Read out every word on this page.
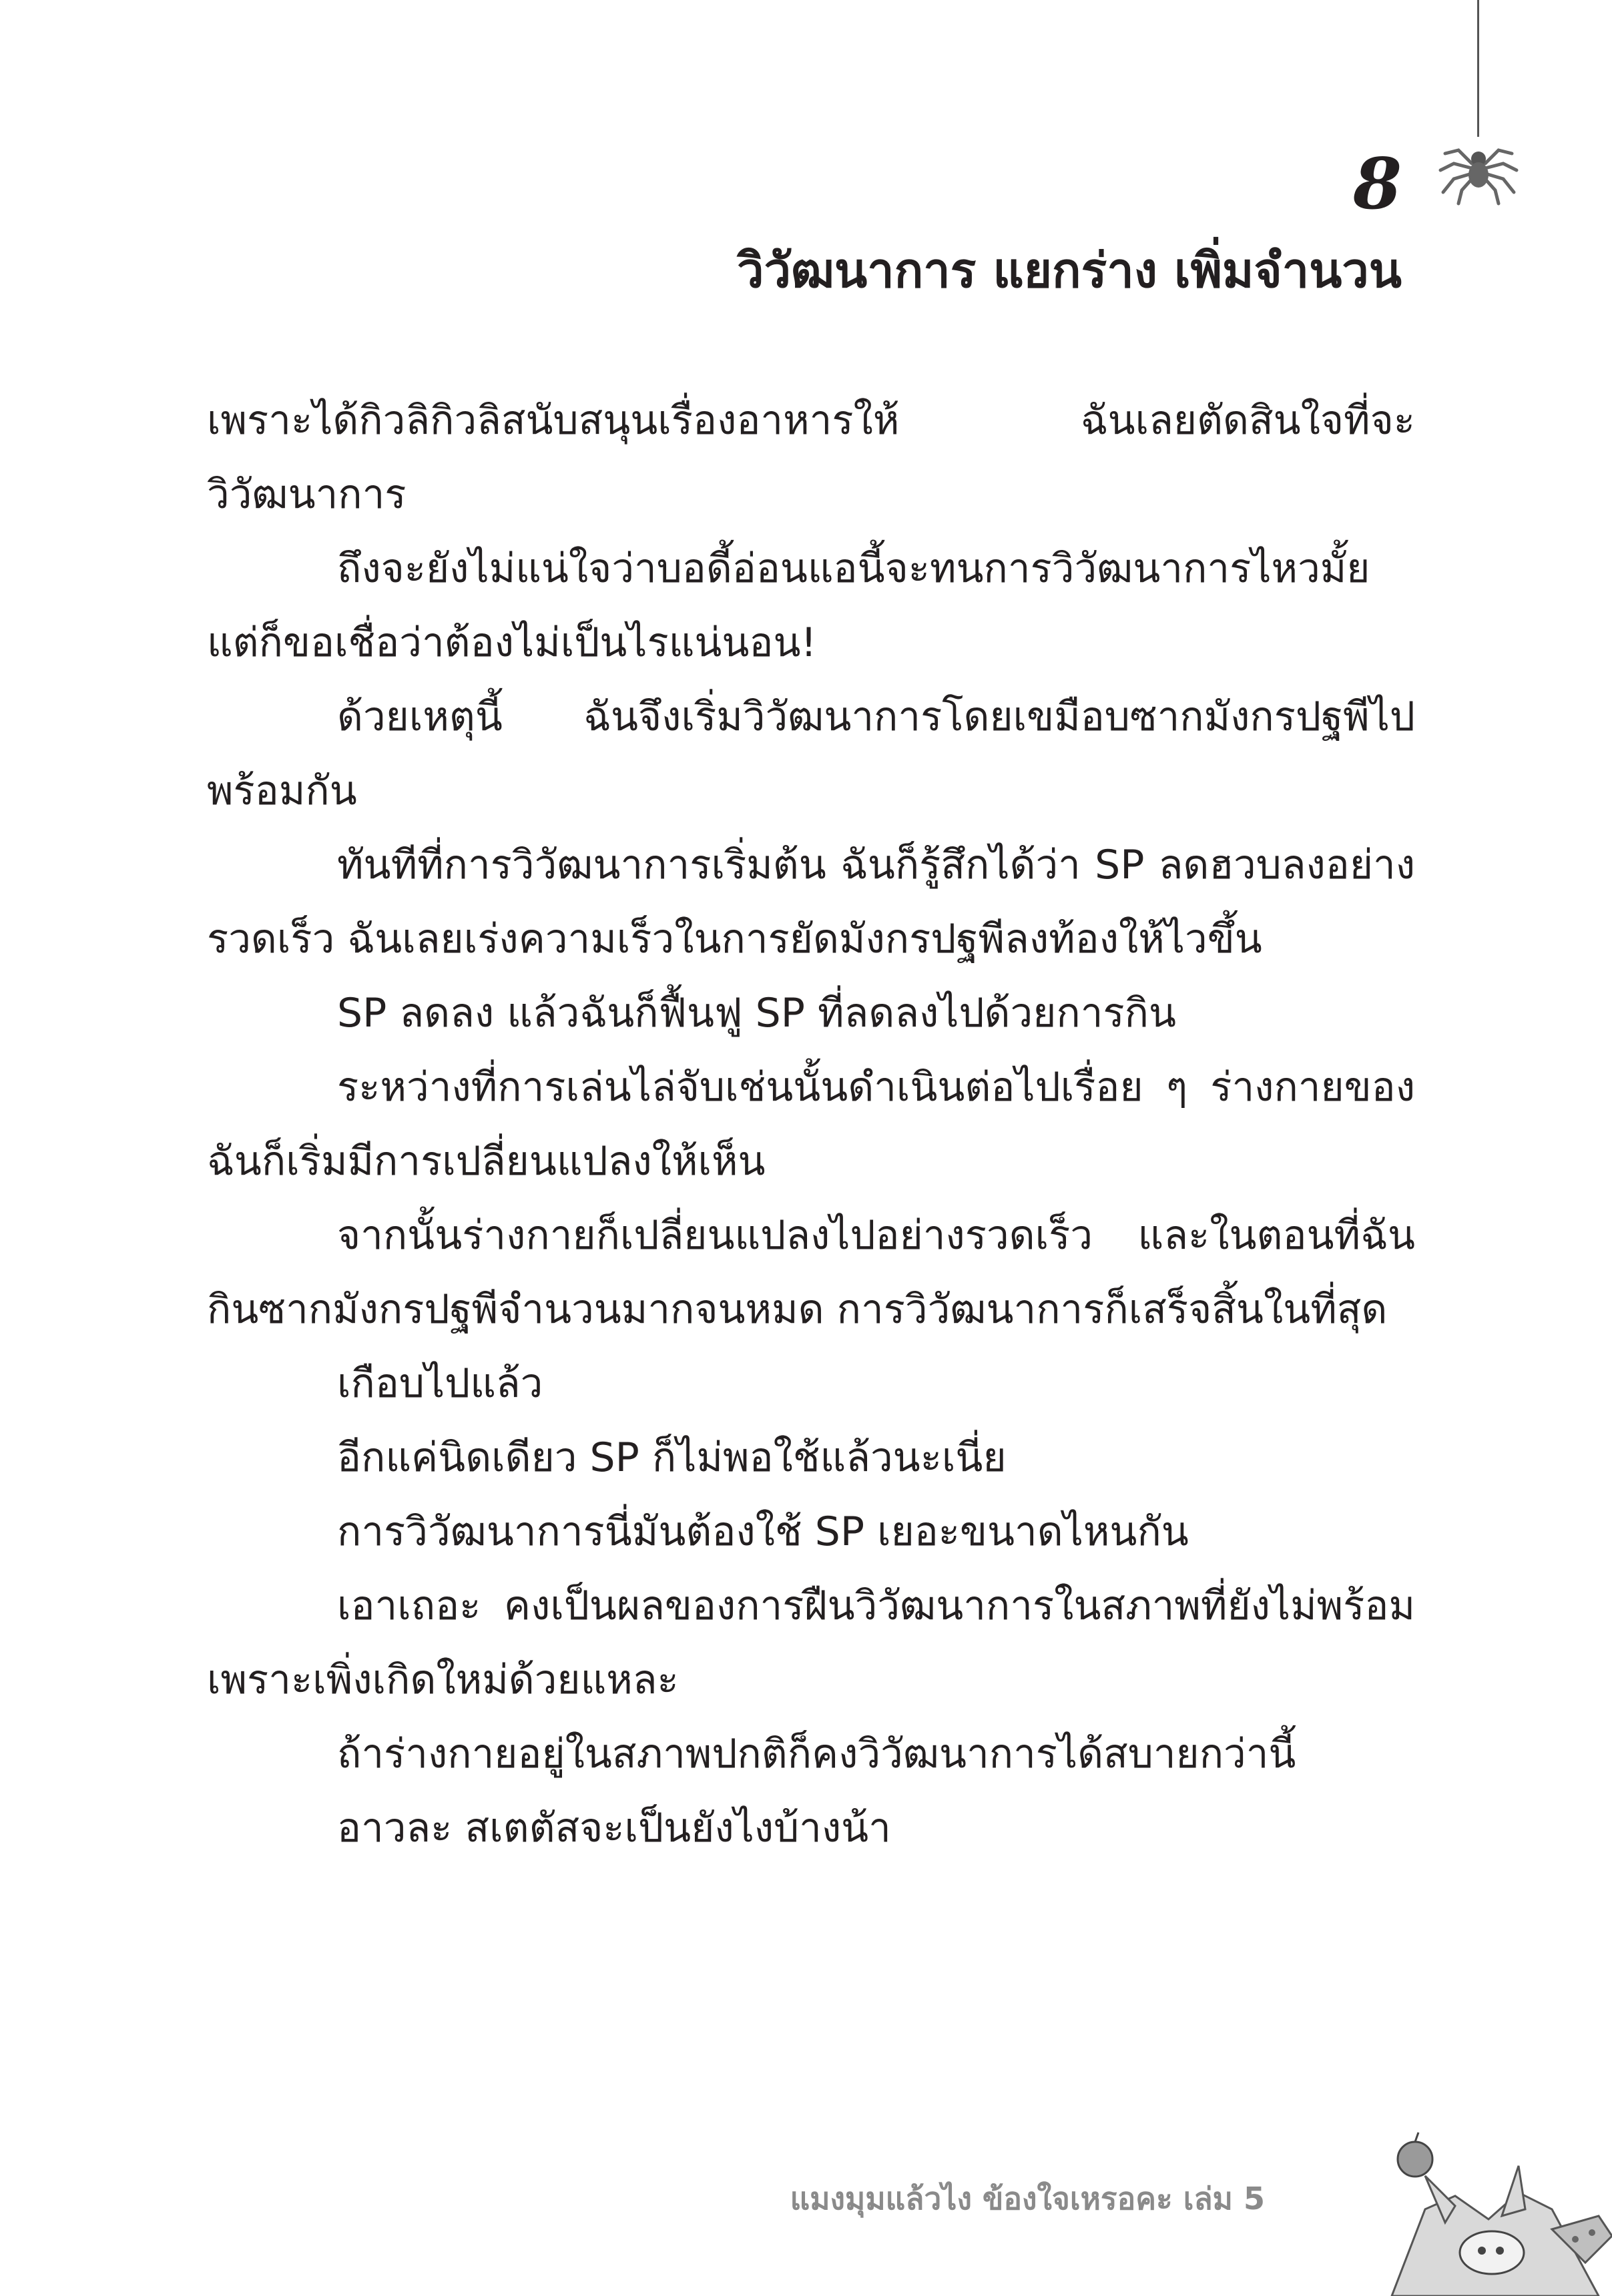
8
วิวัฒนาการ แยกร่าง เพิ่มจำนวน

เพราะได้กิวลิกิวลิสนับสนุนเรื่องอาหารให้ ฉันเลยตัดสินใจที่จะวิวัฒนาการ

ถึงจะยังไม่แน่ใจว่าบอดี้อ่อนแอนี้จะทนการวิวัฒนาการไหวมั้ย แต่ก็ขอเชื่อว่าต้องไม่เป็นไรแน่นอน!

ด้วยเหตุนี้ ฉันจึงเริ่มวิวัฒนาการโดยเขมือบซากมังกรปฐพีไปพร้อมกัน

ทันทีที่การวิวัฒนาการเริ่มต้น ฉันก็รู้สึกได้ว่า SP ลดฮวบลงอย่างรวดเร็ว ฉันเลยเร่งความเร็วในการยัดมังกรปฐพีลงท้องให้ไวขึ้น

SP ลดลง แล้วฉันก็ฟื้นฟู SP ที่ลดลงไปด้วยการกิน

ระหว่างที่การเล่นไล่จับเช่นนั้นดำเนินต่อไปเรื่อย ๆ ร่างกายของฉันก็เริ่มมีการเปลี่ยนแปลงให้เห็น

จากนั้นร่างกายก็เปลี่ยนแปลงไปอย่างรวดเร็ว และในตอนที่ฉันกินซากมังกรปฐพีจำนวนมากจนหมด การวิวัฒนาการก็เสร็จสิ้นในที่สุด

เกือบไปแล้ว

อีกแค่นิดเดียว SP ก็ไม่พอใช้แล้วนะเนี่ย

การวิวัฒนาการนี่มันต้องใช้ SP เยอะขนาดไหนกัน

เอาเถอะ คงเป็นผลของการฝืนวิวัฒนาการในสภาพที่ยังไม่พร้อมเพราะเพิ่งเกิดใหม่ด้วยแหละ

ถ้าร่างกายอยู่ในสภาพปกติก็คงวิวัฒนาการได้สบายกว่านี้

อาวละ สเตตัสจะเป็นยังไงบ้างน้า

แมงมุมแล้วไง ข้องใจเหรอคะ เล่ม 5
